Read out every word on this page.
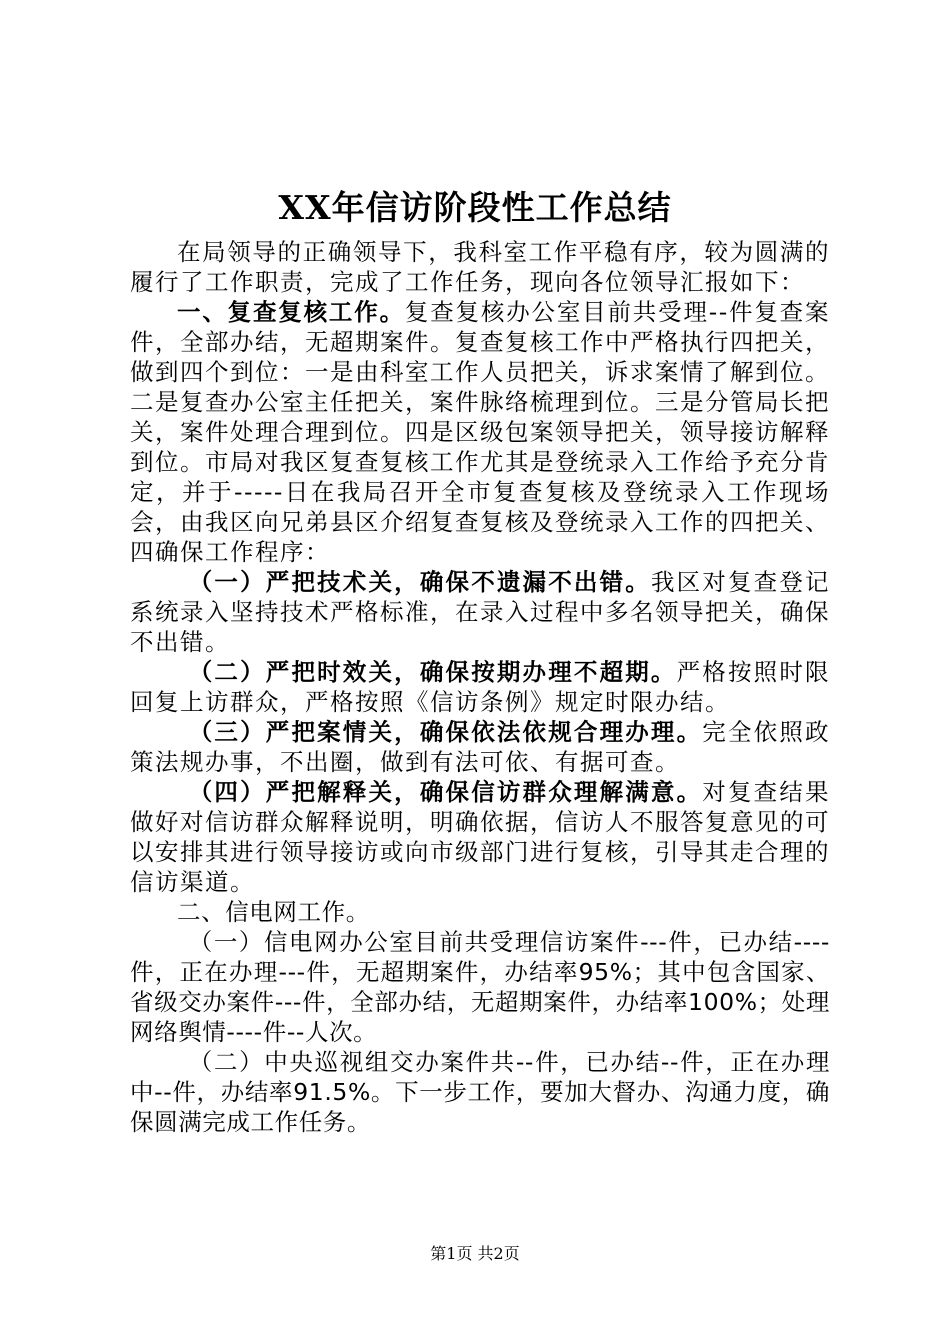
XX年信访阶段性工作总结

在局领导的正确领导下，我科室工作平稳有序，较为圆满的履行了工作职责，完成了工作任务，现向各位领导汇报如下：

一、复查复核工作。复查复核办公室目前共受理--件复查案件，全部办结，无超期案件。复查复核工作中严格执行四把关，做到四个到位：一是由科室工作人员把关，诉求案情了解到位。二是复查办公室主任把关，案件脉络梳理到位。三是分管局长把关，案件处理合理到位。四是区级包案领导把关，领导接访解释到位。市局对我区复查复核工作尤其是登统录入工作给予充分肯定，并于-----日在我局召开全市复查复核及登统录入工作现场会，由我区向兄弟县区介绍复查复核及登统录入工作的四把关、四确保工作程序：

（一）严把技术关，确保不遗漏不出错。我区对复查登记系统录入坚持技术严格标准，在录入过程中多名领导把关，确保不出错。

（二）严把时效关，确保按期办理不超期。严格按照时限回复上访群众，严格按照《信访条例》规定时限办结。

（三）严把案情关，确保依法依规合理办理。完全依照政策法规办事，不出圈，做到有法可依、有据可查。

（四）严把解释关，确保信访群众理解满意。对复查结果做好对信访群众解释说明，明确依据，信访人不服答复意见的可以安排其进行领导接访或向市级部门进行复核，引导其走合理的信访渠道。

二、信电网工作。

（一）信电网办公室目前共受理信访案件---件，已办结----件，正在办理---件，无超期案件，办结率95%；其中包含国家、省级交办案件---件，全部办结，无超期案件，办结率100%；处理网络舆情----件--人次。

（二）中央巡视组交办案件共--件，已办结--件，正在办理中--件，办结率91.5%。下一步工作，要加大督办、沟通力度，确保圆满完成工作任务。

第1页 共2页
